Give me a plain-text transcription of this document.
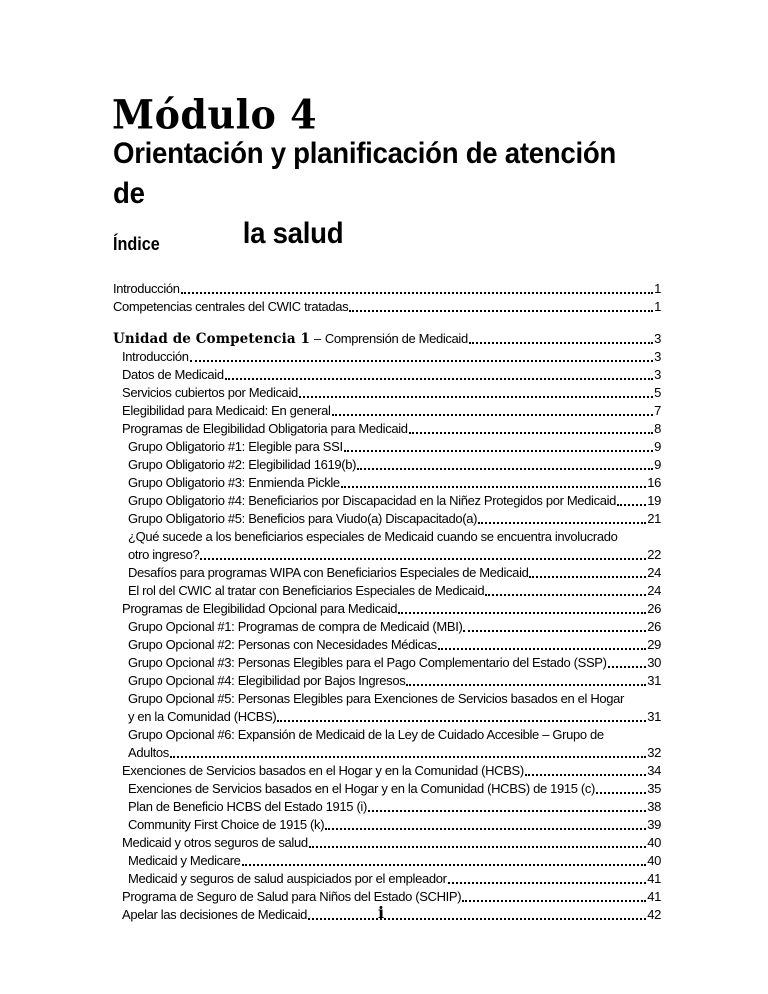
Módulo 4
Orientación y planificación de atención de
la salud
Índice
Introducción	1
Competencias centrales del CWIC tratadas	1
Unidad de Competencia 1 – Comprensión de Medicaid	3
Introducción	3
Datos de Medicaid	3
Servicios cubiertos por Medicaid	5
Elegibilidad para Medicaid: En general	7
Programas de Elegibilidad Obligatoria para Medicaid	8
Grupo Obligatorio #1: Elegible para SSI	9
Grupo Obligatorio #2: Elegibilidad 1619(b)	9
Grupo Obligatorio #3: Enmienda Pickle	16
Grupo Obligatorio #4: Beneficiarios por Discapacidad en la Niñez Protegidos por Medicaid 19
Grupo Obligatorio #5: Beneficios para Viudo(a) Discapacitado(a)	21
¿Qué sucede a los beneficiarios especiales de Medicaid cuando se encuentra involucrado
otro ingreso?	22
Desafíos para programas WIPA con Beneficiarios Especiales de Medicaid	24
El rol del CWIC al tratar con Beneficiarios Especiales de Medicaid	24
Programas de Elegibilidad Opcional para Medicaid	26
Grupo Opcional #1: Programas de compra de Medicaid (MBI)	26
Grupo Opcional #2: Personas con Necesidades Médicas	29
Grupo Opcional #3: Personas Elegibles para el Pago Complementario del Estado (SSP)	30
Grupo Opcional #4: Elegibilidad por Bajos Ingresos	31
Grupo Opcional #5: Personas Elegibles para Exenciones de Servicios basados en el Hogar
y en la Comunidad (HCBS)	31
Grupo Opcional #6: Expansión de Medicaid de la Ley de Cuidado Accesible – Grupo de
Adultos	32
Exenciones de Servicios basados en el Hogar y en la Comunidad (HCBS)	34
Exenciones de Servicios basados en el Hogar y en la Comunidad (HCBS) de 1915 (c)	35
Plan de Beneficio HCBS del Estado 1915 (i)	38
Community First Choice de 1915 (k)	39
Medicaid y otros seguros de salud	40
Medicaid y Medicare	40
Medicaid y seguros de salud auspiciados por el empleador	41
Programa de Seguro de Salud para Niños del Estado (SCHIP)	41
Apelar las decisiones de Medicaid	42
i
